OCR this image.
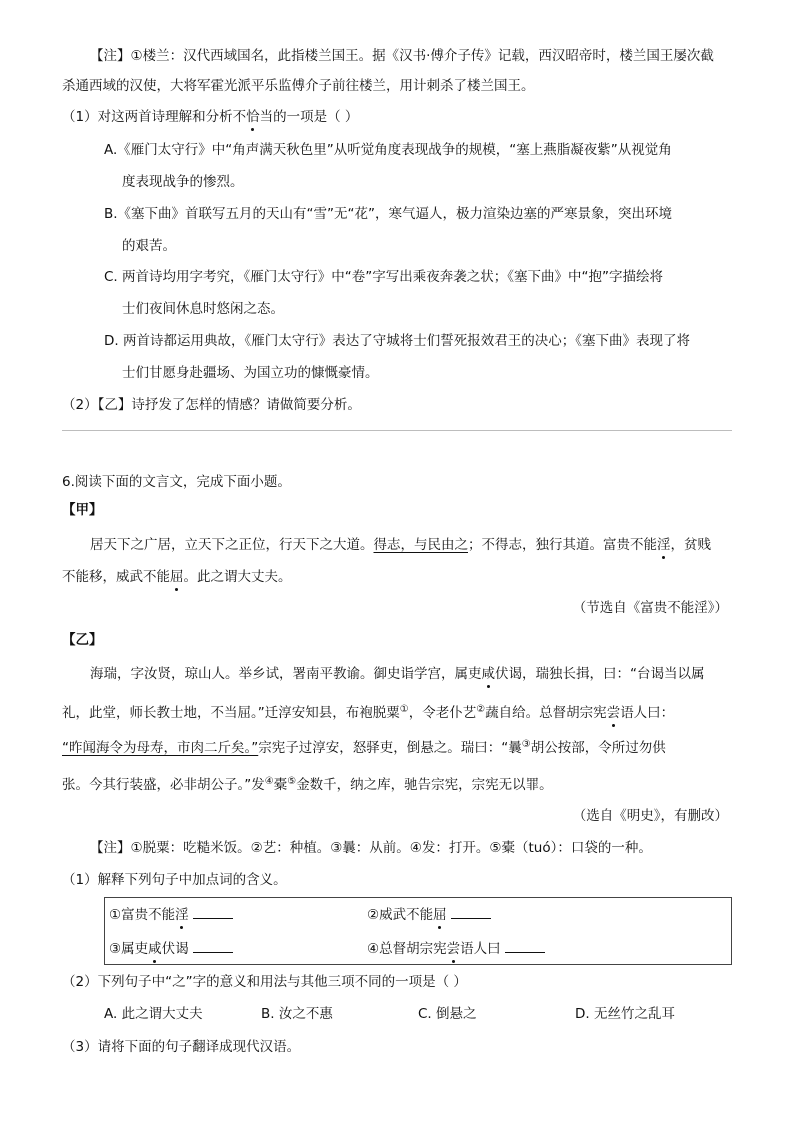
【注】①楼兰：汉代西域国名，此指楼兰国王。据《汉书·傅介子传》记载，西汉昭帝时，楼兰国王屡次截
杀通西域的汉使，大将军霍光派平乐监傅介子前往楼兰，用计刺杀了楼兰国王。
（1）对这两首诗理解和分析不恰当的一项是（ ）
A.《雁门太守行》中“角声满天秋色里”从听觉角度表现战争的规模，“塞上燕脂凝夜紫”从视觉角
度表现战争的惨烈。
B.《塞下曲》首联写五月的天山有“雪”无“花”，寒气逼人，极力渲染边塞的严寒景象，突出环境
的艰苦。
C. 两首诗均用字考究，《雁门太守行》中“卷”字写出乘夜奔袭之状；《塞下曲》中“抱”字描绘将
士们夜间休息时悠闲之态。
D. 两首诗都运用典故，《雁门太守行》表达了守城将士们誓死报效君王的决心；《塞下曲》表现了将
士们甘愿身赴疆场、为国立功的慷慨豪情。
（2）【乙】诗抒发了怎样的情感？请做简要分析。
6.阅读下面的文言文，完成下面小题。
【甲】
居天下之广居，立天下之正位，行天下之大道。得志，与民由之；不得志，独行其道。富贵不能淫，贫贱
不能移，威武不能屈。此之谓大丈夫。
（节选自《富贵不能淫》）
【乙】
海瑞，字汝贤，琼山人。举乡试，署南平教谕。御史诣学宫，属吏咸伏谒，瑞独长揖，曰：“台谒当以属
礼，此堂，师长教士地，不当屈。”迁淳安知县，布袍脱粟①，令老仆艺②蔬自给。总督胡宗宪尝语人曰：
“昨闻海令为母寿，市肉二斤矣。”宗宪子过淳安，怒驿吏，倒悬之。瑞曰：“曩③胡公按部，令所过勿供
张。今其行装盛，必非胡公子。”发④橐⑤金数千，纳之库，驰告宗宪，宗宪无以罪。
（选自《明史》，有删改）
【注】①脱粟：吃糙米饭。②艺：种植。③曩：从前。④发：打开。⑤橐（tuó）：口袋的一种。
（1）解释下列句子中加点词的含义。
①富贵不能淫	②威武不能屈
③属吏咸伏谒	④总督胡宗宪尝语人曰
（2）下列句子中“之”字的意义和用法与其他三项不同的一项是（ ）
A. 此之谓大丈夫	B. 汝之不惠	C. 倒悬之	D. 无丝竹之乱耳
（3）请将下面的句子翻译成现代汉语。
